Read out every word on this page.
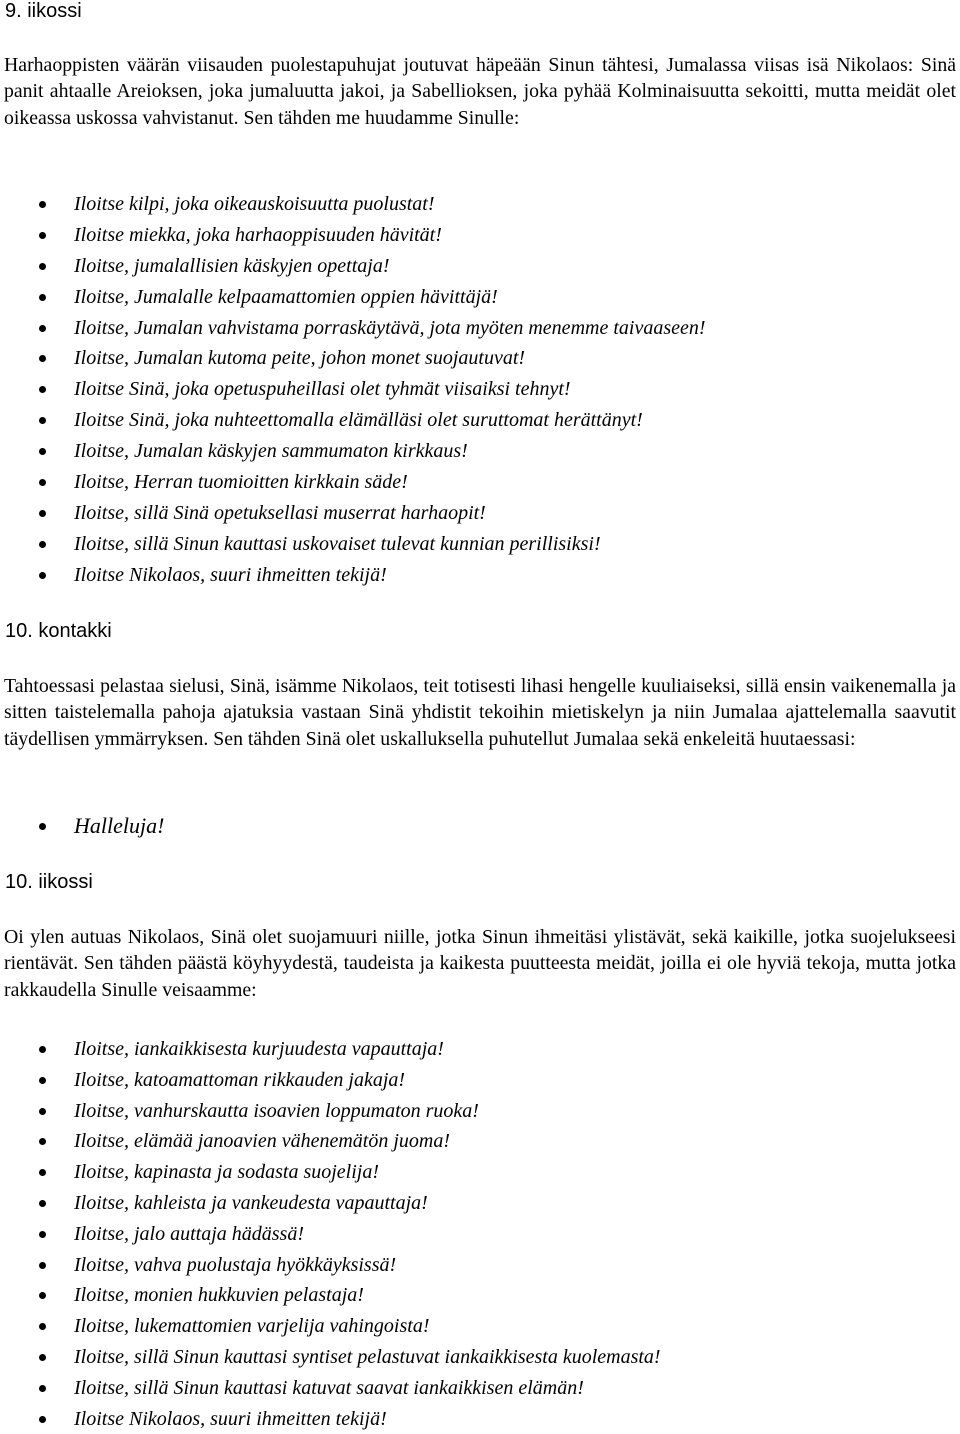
9. iikossi

Harhaoppisten väärän viisauden puolestapuhujat joutuvat häpeään Sinun tähtesi, Jumalassa viisas isä Nikolaos: Sinä panit ahtaalle Areioksen, joka jumaluutta jakoi, ja Sabellioksen, joka pyhää Kolminaisuutta sekoitti, mutta meidät olet oikeassa uskossa vahvistanut. Sen tähden me huudamme Sinulle:

Iloitse kilpi, joka oikeauskoisuutta puolustat!
Iloitse miekka, joka harhaoppisuuden hävität!
Iloitse, jumalallisien käskyjen opettaja!
Iloitse, Jumalalle kelpaamattomien oppien hävittäjä!
Iloitse, Jumalan vahvistama porraskäytävä, jota myöten menemme taivaaseen!
Iloitse, Jumalan kutoma peite, johon monet suojautuvat!
Iloitse Sinä, joka opetuspuheillasi olet tyhmät viisaiksi tehnyt!
Iloitse Sinä, joka nuhteettomalla elämälläsi olet suruttomat herättänyt!
Iloitse, Jumalan käskyjen sammumaton kirkkaus!
Iloitse, Herran tuomioitten kirkkain säde!
Iloitse, sillä Sinä opetuksellasi muserrat harhaopit!
Iloitse, sillä Sinun kauttasi uskovaiset tulevat kunnian perillisiksi!
Iloitse Nikolaos, suuri ihmeitten tekijä!
10. kontakki

Tahtoessasi pelastaa sielusi, Sinä, isämme Nikolaos, teit totisesti lihasi hengelle kuuliaiseksi, sillä ensin vaikenemalla ja sitten taistelemalla pahoja ajatuksia vastaan Sinä yhdistit tekoihin mietiskelyn ja niin Jumalaa ajattelemalla saavutit täydellisen ymmärryksen. Sen tähden Sinä olet uskalluksella puhutellut Jumalaa sekä enkeleitä huutaessasi:

Halleluja!
10. iikossi

Oi ylen autuas Nikolaos, Sinä olet suojamuuri niille, jotka Sinun ihmeitäsi ylistävät, sekä kaikille, jotka suojelukseesi rientävät. Sen tähden päästä köyhyydestä, taudeista ja kaikesta puutteesta meidät, joilla ei ole hyviä tekoja, mutta jotka rakkaudella Sinulle veisaamme:

Iloitse, iankaikkisesta kurjuudesta vapauttaja!
Iloitse, katoamattoman rikkauden jakaja!
Iloitse, vanhurskautta isoavien loppumaton ruoka!
Iloitse, elämää janoavien vähenemätön juoma!
Iloitse, kapinasta ja sodasta suojelija!
Iloitse, kahleista ja vankeudesta vapauttaja!
Iloitse, jalo auttaja hädässä!
Iloitse, vahva puolustaja hyökkäyksissä!
Iloitse, monien hukkuvien pelastaja!
Iloitse, lukemattomien varjelija vahingoista!
Iloitse, sillä Sinun kauttasi syntiset pelastuvat iankaikkisesta kuolemasta!
Iloitse, sillä Sinun kauttasi katuvat saavat iankaikkisen elämän!
Iloitse Nikolaos, suuri ihmeitten tekijä!
